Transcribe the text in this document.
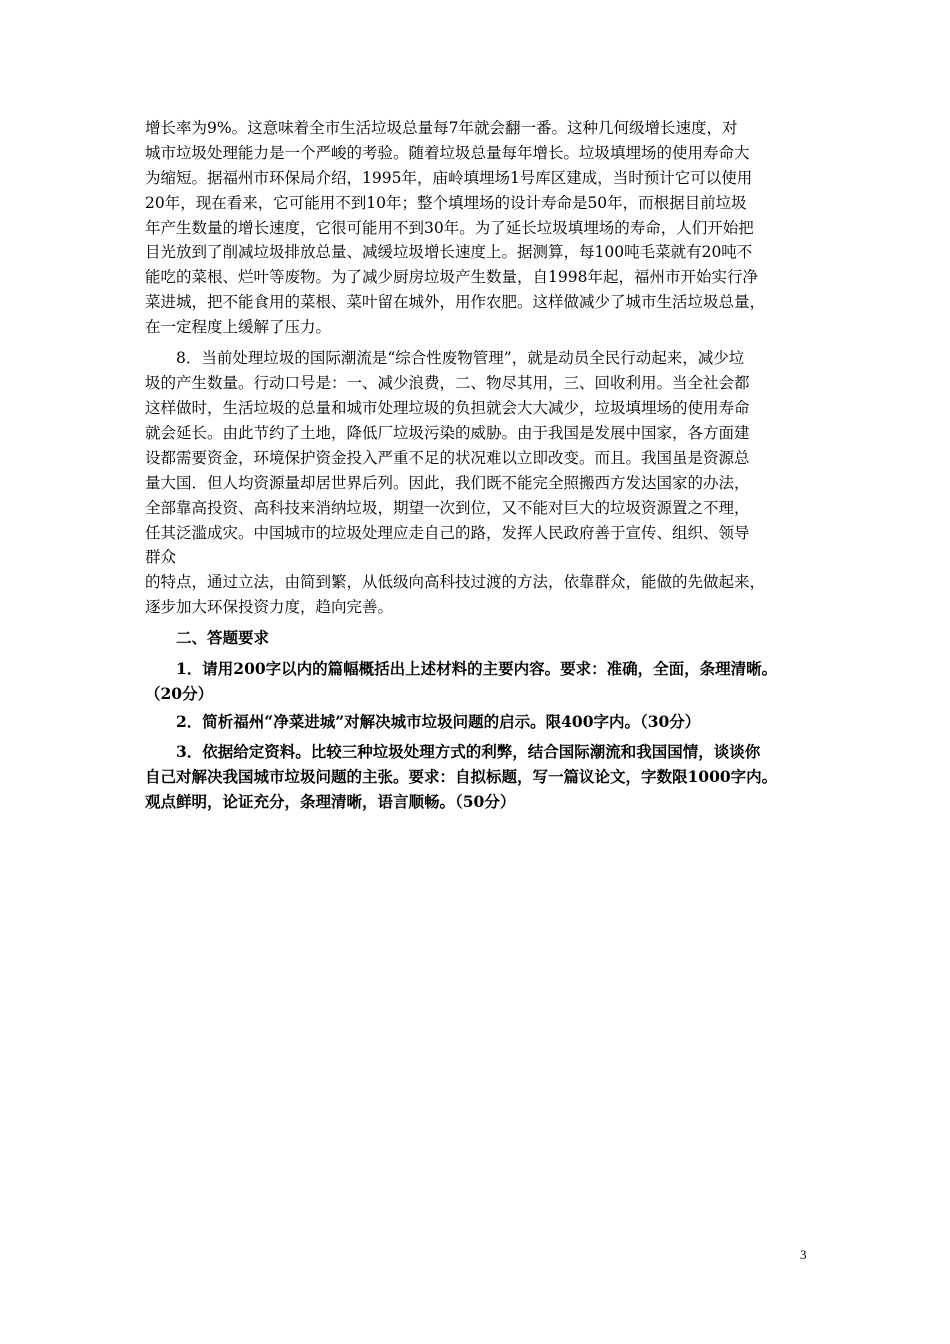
增长率为9%。这意味着全市生活垃圾总量每7年就会翻一番。这种几何级增长速度，对
城市垃圾处理能力是一个严峻的考验。随着垃圾总量每年增长。垃圾填埋场的使用寿命大
为缩短。据福州市环保局介绍，1995年，庙岭填埋场1号库区建成，当时预计它可以使用
20年，现在看来，它可能用不到10年；整个填埋场的设计寿命是50年，而根据目前垃圾
年产生数量的增长速度，它很可能用不到30年。为了延长垃圾填埋场的寿命，人们开始把
目光放到了削减垃圾排放总量、减缓垃圾增长速度上。据测算，每100吨毛菜就有20吨不
能吃的菜根、烂叶等废物。为了减少厨房垃圾产生数量，自1998年起，福州市开始实行净
菜进城，把不能食用的菜根、菜叶留在城外，用作农肥。这样做减少了城市生活垃圾总量，
在一定程度上缓解了压力。
8．当前处理垃圾的国际潮流是“综合性废物管理”，就是动员全民行动起来，减少垃
圾的产生数量。行动口号是：一、减少浪费，二、物尽其用，三、回收利用。当全社会都
这样做时，生活垃圾的总量和城市处理垃圾的负担就会大大减少，垃圾填埋场的使用寿命
就会延长。由此节约了土地，降低厂垃圾污染的威胁。由于我国是发展中国家，各方面建
设都需要资金，环境保护资金投入严重不足的状况难以立即改变。而且。我国虽是资源总
量大国．但人均资源量却居世界后列。因此，我们既不能完全照搬西方发达国家的办法，
全部靠高投资、高科技来消纳垃圾，期望一次到位，又不能对巨大的垃圾资源置之不理，
任其泛滥成灾。中国城市的垃圾处理应走自己的路，发挥人民政府善于宣传、组织、领导
群众
的特点，通过立法，由简到繁，从低级向高科技过渡的方法，依靠群众，能做的先做起来，
逐步加大环保投资力度，趋向完善。
二、答题要求
1．请用200字以内的篇幅概括出上述材料的主要内容。要求：准确，全面，条理清晰。
（20分）
2．简析福州“净菜进城”对解决城市垃圾问题的启示。限400字内。（30分）
3．依据给定资料。比较三种垃圾处理方式的利弊，结合国际潮流和我国国情，谈谈你
自己对解决我国城市垃圾问题的主张。要求：自拟标题，写一篇议论文，字数限1000字内。
观点鲜明，论证充分，条理清晰，语言顺畅。（50分）
3
